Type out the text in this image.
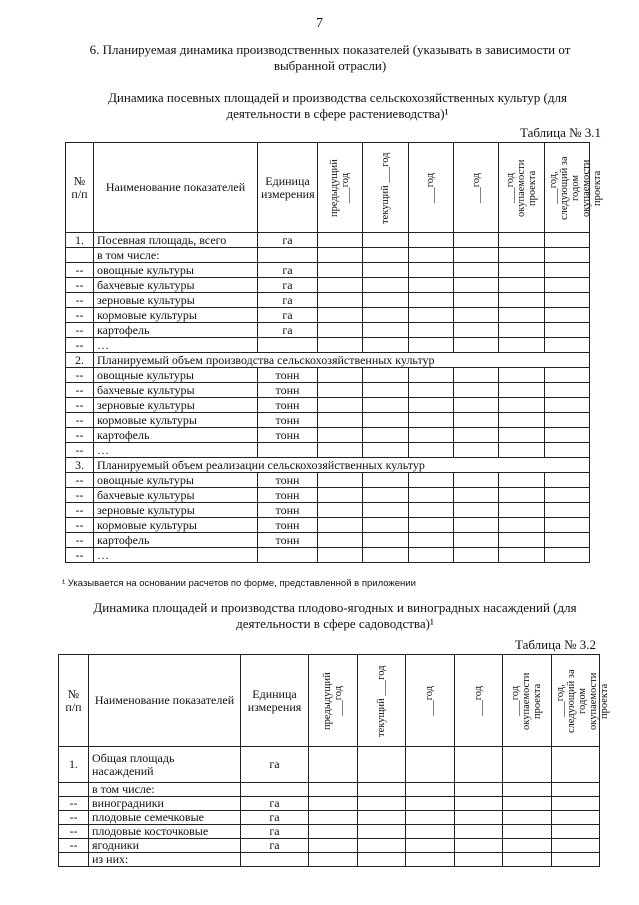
7
6. Планируемая динамика производственных показателей (указывать в зависимости от выбранной отрасли)
Динамика посевных площадей и производства сельскохозяйственных культур (для деятельности в сфере растениеводства)¹
Таблица № 3.1
№ п/п	Наименование показателей	Единица измерения	предыдущий ___год	текущий ___год	___год	___год	___год окупаемости проекта	___год, следующий за годом окупаемости проекта

1.	Посевная площадь, всего	га						
	в том числе:							
--	овощные культуры	га						
--	бахчевые культуры	га						
--	зерновые культуры	га						
--	кормовые культуры	га						
--	картофель	га						
--	…							
2.	Планируемый объем производства сельскохозяйственных культур							
--	овощные культуры	тонн						
--	бахчевые культуры	тонн						
--	зерновые культуры	тонн						
--	кормовые культуры	тонн						
--	картофель	тонн						
--	…							
3.	Планируемый объем реализации сельскохозяйственных культур							
--	овощные культуры	тонн						
--	бахчевые культуры	тонн						
--	зерновые культуры	тонн						
--	кормовые культуры	тонн						
--	картофель	тонн						
--	…							
¹ Указывается на основании расчетов по форме, представленной в приложении
Динамика площадей и производства плодово-ягодных и виноградных насаждений (для деятельности в сфере садоводства)¹
Таблица № 3.2
№ п/п	Наименование показателей	Единица измерения	предыдущий ___год	текущий ___год	___год	___год	___год окупаемости проекта	___год, следующий за годом окупаемости проекта

1.	Общая площадь насаждений	га						
	в том числе:							
--	виноградники	га						
--	плодовые семечковые	га						
--	плодовые косточковые	га						
--	ягодники	га						
	из них:							
